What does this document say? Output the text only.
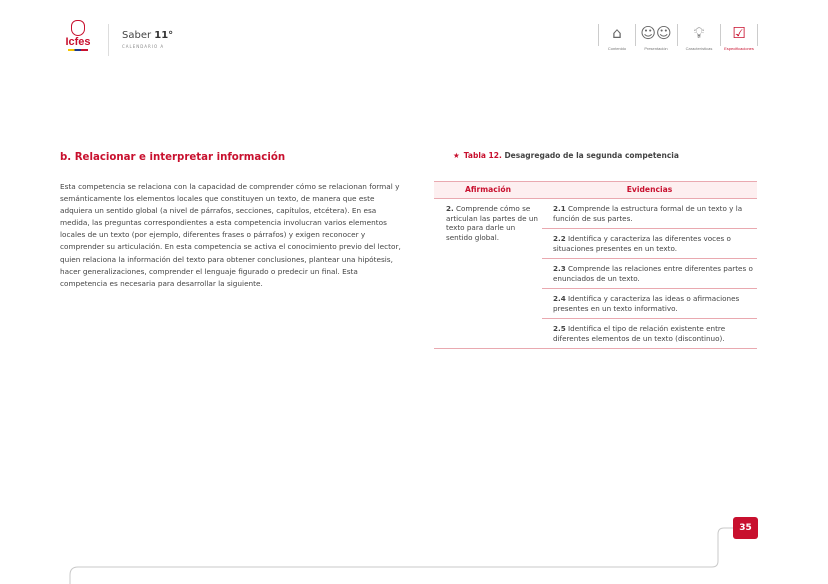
Icfes
Saber 11°
CALENDARIO A
⌂
Contenido
☺☺
Presentación
💡︎
Características
☑
Especificaciones
b. Relacionar e interpretar información
Esta competencia se relaciona con la capacidad de comprender cómo se relacionan formal y semánticamente los elementos locales que constituyen un texto, de manera que este adquiera un sentido global (a nivel de párrafos, secciones, capítulos, etcétera). En esa medida, las preguntas correspondientes a esta competencia involucran varios elementos locales de un texto (por ejemplo, diferentes frases o párrafos) y exigen reconocer y comprender su articulación. En esta competencia se activa el conocimiento previo del lector, quien relaciona la información del texto para obtener conclusiones, plantear una hipótesis, hacer generalizaciones, comprender el lenguaje figurado o predecir un final. Esta competencia es necesaria para desarrollar la siguiente.
★ Tabla 12. Desagregado de la segunda competencia
Afirmación	Evidencias
2. Comprende cómo se articulan las partes de un texto para darle un sentido global.	2.1 Comprende la estructura formal de un texto y la función de sus partes.
	2.2 Identifica y caracteriza las diferentes voces o situaciones presentes en un texto.
	2.3 Comprende las relaciones entre diferentes partes o enunciados de un texto.
	2.4 Identifica y caracteriza las ideas o afirmaciones presentes en un texto informativo.
	2.5 Identifica el tipo de relación existente entre diferentes elementos de un texto (discontinuo).
35
